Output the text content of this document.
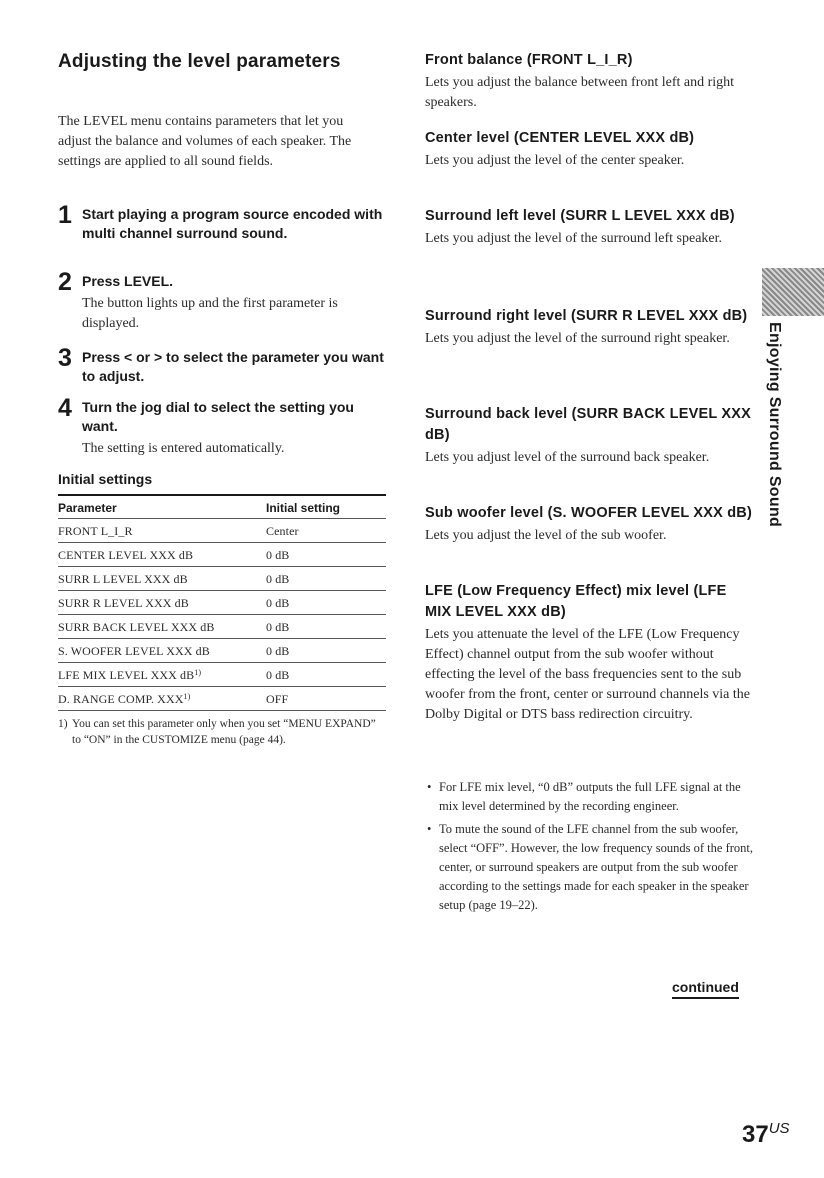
Adjusting the level parameters

The LEVEL menu contains parameters that let you adjust the balance and volumes of each speaker. The settings are applied to all sound fields.

1 Start playing a program source encoded with multi channel surround sound.

2 Press LEVEL.

The button lights up and the first parameter is displayed.

3 Press < or > to select the parameter you want to adjust.

4 Turn the jog dial to select the setting you want.

The setting is entered automatically.

Initial settings
Parameter	Initial setting
FRONT L_I_R	Center
CENTER LEVEL XXX dB	0 dB
SURR L LEVEL XXX dB	0 dB
SURR R LEVEL XXX dB	0 dB
SURR BACK LEVEL XXX dB	0 dB
S. WOOFER LEVEL XXX dB	0 dB
LFE MIX LEVEL XXX $dB^{1)}$	0 dB
D. RANGE COMP. XXX$^{1)}$	OFF

1) You can set this parameter only when you set “MENU EXPAND” to “ON” in the CUSTOMIZE menu (page 44).

Front balance (FRONT L_I_R)

Lets you adjust the balance between front left and right speakers.

Center level (CENTER LEVEL XXX dB)

Lets you adjust the level of the center speaker.

Surround left level (SURR L LEVEL XXX dB)

Lets you adjust the level of the surround left speaker.

Surround right level (SURR R LEVEL XXX dB)

Lets you adjust the level of the surround right speaker.

Surround back level (SURR BACK LEVEL XXX dB)

Lets you adjust level of the surround back speaker.

Sub woofer level (S. WOOFER LEVEL XXX dB)

Lets you adjust the level of the sub woofer.

LFE (Low Frequency Effect) mix level (LFE MIX LEVEL XXX dB)

Lets you attenuate the level of the LFE (Low Frequency Effect) channel output from the sub woofer without effecting the level of the bass frequencies sent to the sub woofer from the front, center or surround channels via the Dolby Digital or DTS bass redirection circuitry.

• For LFE mix level, “0 dB” outputs the full LFE signal at the mix level determined by the recording engineer.
• To mute the sound of the LFE channel from the sub woofer, select “OFF”. However, the low frequency sounds of the front, center, or surround speakers are output from the sub woofer according to the settings made for each speaker in the speaker setup (page 19–22).
continued
Enjoying Surround Sound
$37^{US}$
